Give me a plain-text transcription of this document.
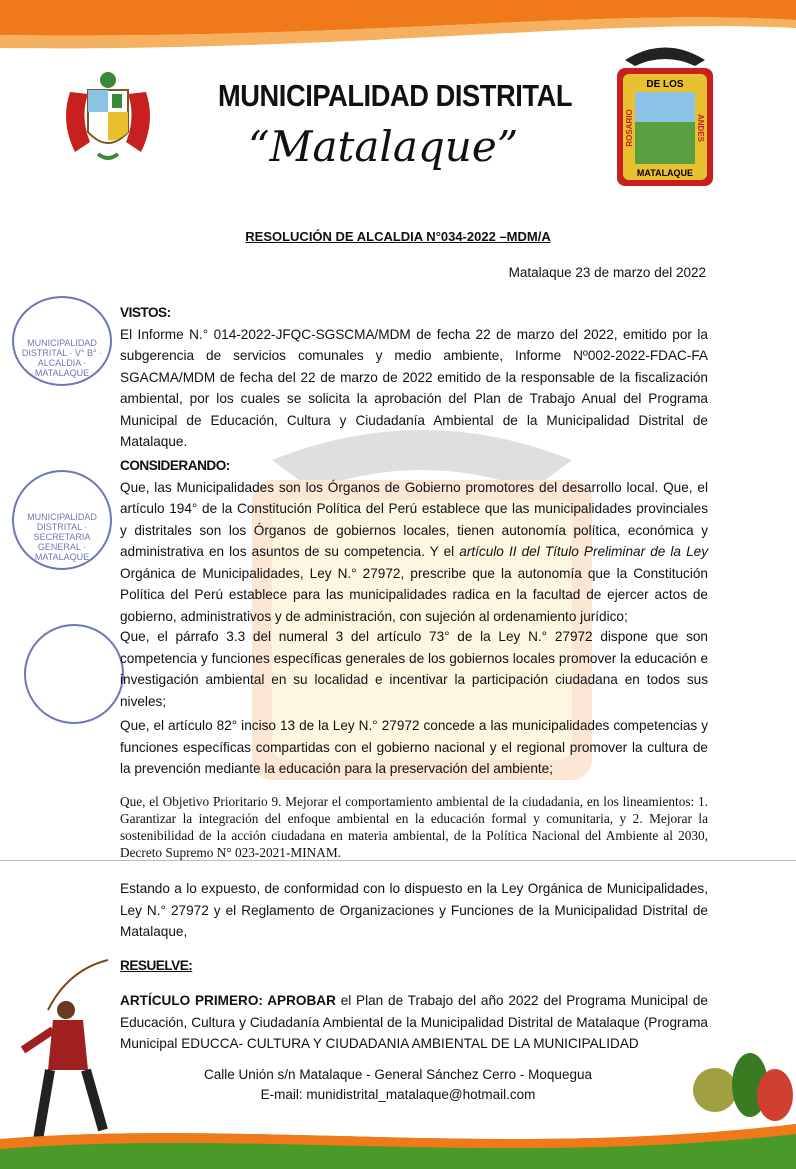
MUNICIPALIDAD DISTRITAL
“Matalaque”
DE LOS
ROSARIO	ANDES
MATALAQUE
RESOLUCIÓN DE ALCALDIA N°034-2022 –MDM/A
Matalaque 23 de marzo del 2022
MUNICIPALIDAD DISTRITAL · V° B° · ALCALDIA · MATALAQUE
MUNICIPALIDAD DISTRITAL · SECRETARIA GENERAL · MATALAQUE
VISTOS:
El Informe N.° 014-2022-JFQC-SGSCMA/MDM de fecha 22 de marzo del 2022, emitido por la subgerencia de servicios comunales y medio ambiente, Informe Nº002-2022-FDAC-FA SGACMA/MDM de fecha del 22 de marzo de 2022 emitido de la responsable de la fiscalización ambiental, por los cuales se solicita la aprobación del Plan de Trabajo Anual del Programa Municipal de Educación, Cultura y Ciudadanía Ambiental de la Municipalidad Distrital de Matalaque.
CONSIDERANDO:
Que, las Municipalidades son los Órganos de Gobierno promotores del desarrollo local. Que, el artículo 194° de la Constitución Política del Perú establece que las municipalidades provinciales y distritales son los Órganos de gobiernos locales, tienen autonomía política, económica y administrativa en los asuntos de su competencia. Y el artículo II del Título Preliminar de la Ley Orgánica de Municipalidades, Ley N.° 27972, prescribe que la autonomía que la Constitución Política del Perú establece para las municipalidades radica en la facultad de ejercer actos de gobierno, administrativos y de administración, con sujeción al ordenamiento jurídico;
Que, el párrafo 3.3 del numeral 3 del artículo 73° de la Ley N.° 27972 dispone que son competencia y funciones específicas generales de los gobiernos locales promover la educación e investigación ambiental en su localidad e incentivar la participación ciudadana en todos sus niveles;
Que, el artículo 82° inciso 13 de la Ley N.° 27972 concede a las municipalidades competencias y funciones específicas compartidas con el gobierno nacional y el regional promover la cultura de la prevención mediante la educación para la preservación del ambiente;
Que, el Objetivo Prioritario 9. Mejorar el comportamiento ambiental de la ciudadania, en los lineamientos: 1. Garantizar la integración del enfoque ambiental en la educación formal y comunitaria, y 2. Mejorar la sostenibilidad de la acción ciudadana en materia ambiental, de la Política Nacional del Ambiente al 2030, Decreto Supremo N° 023-2021-MINAM.
Estando a lo expuesto, de conformidad con lo dispuesto en la Ley Orgánica de Municipalidades, Ley N.° 27972 y el Reglamento de Organizaciones y Funciones de la Municipalidad Distrital de Matalaque,
RESUELVE:
ARTÍCULO PRIMERO: APROBAR el Plan de Trabajo del año 2022 del Programa Municipal de Educación, Cultura y Ciudadanía Ambiental de la Municipalidad Distrital de Matalaque (Programa Municipal EDUCCA- CULTURA Y CIUDADANIA AMBIENTAL DE LA MUNICIPALIDAD
Calle Unión s/n Matalaque - General Sánchez Cerro - Moquegua
E-mail: munidistrital_matalaque@hotmail.com
